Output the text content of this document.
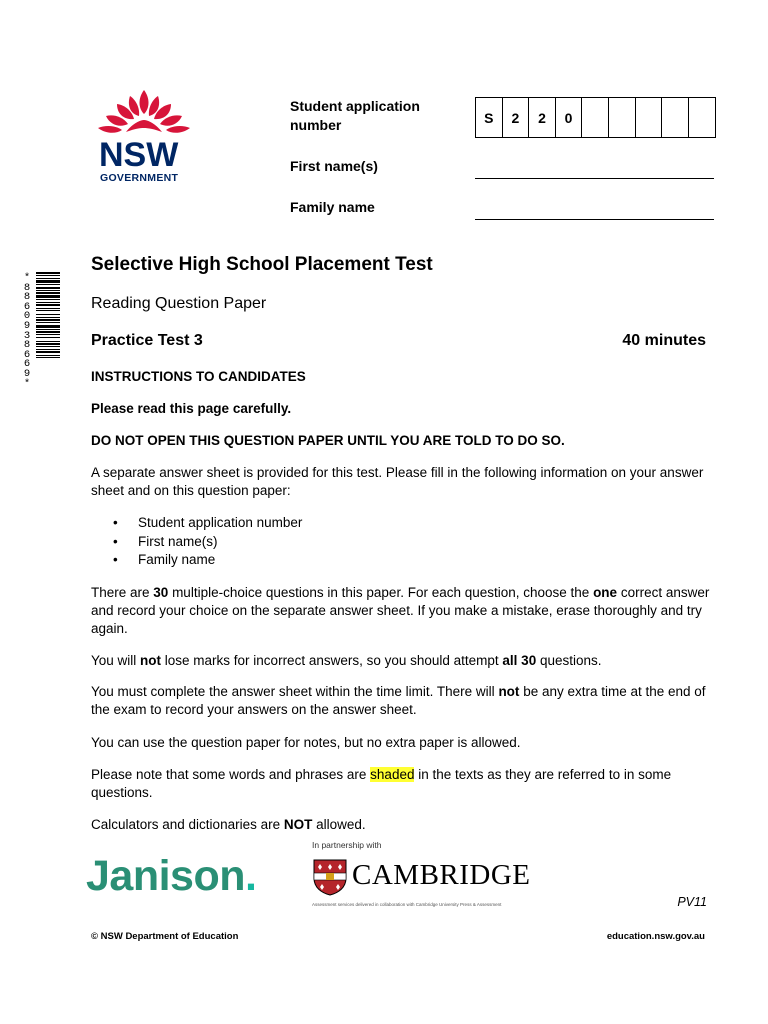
NSW
GOVERNMENT
Student application number	S	2	2	0
First name(s)
Family name
*886093866 9*
Selective High School Placement Test
Reading Question Paper
Practice Test 3	40 minutes
INSTRUCTIONS TO CANDIDATES
Please read this page carefully.
DO NOT OPEN THIS QUESTION PAPER UNTIL YOU ARE TOLD TO DO SO.
A separate answer sheet is provided for this test. Please fill in the following information on your answer sheet and on this question paper:
• Student application number
• First name(s)
• Family name
There are 30 multiple-choice questions in this paper. For each question, choose the one correct answer and record your choice on the separate answer sheet. If you make a mistake, erase thoroughly and try again.
You will not lose marks for incorrect answers, so you should attempt all 30 questions.
You must complete the answer sheet within the time limit. There will not be any extra time at the end of the exam to record your answers on the answer sheet.
You can use the question paper for notes, but no extra paper is allowed.
Please note that some words and phrases are shaded in the texts as they are referred to in some questions.
Calculators and dictionaries are NOT allowed.
Janison.
In partnership with
CAMBRIDGE
Assessment services delivered in collaboration with Cambridge University Press & Assessment	PV11
© NSW Department of Education	education.nsw.gov.au
